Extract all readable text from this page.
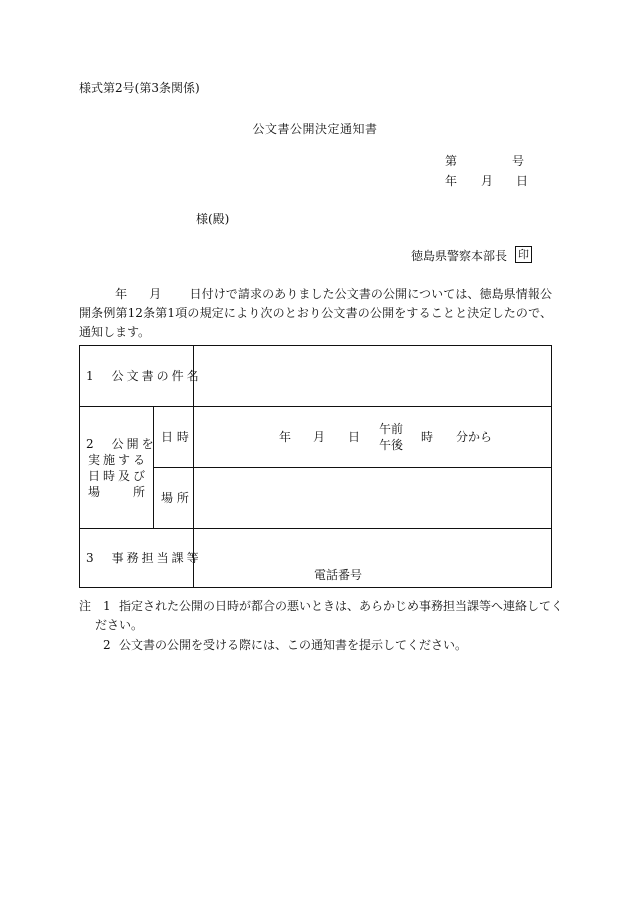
様式第2号(第3条関係)
公文書公開決定通知書
第	号
年 月 日
様(殿)
徳島県警察本部長 印
年 月 日付けで請求のありました公文書の公開については、徳島県情報公開条例第12条第1項の規定により次のとおり公文書の公開をすることと決定したので、通知します。
1　公文書の件名
2　公開を
実施する
日時及び
場　　所
日 時
場 所
年 月 日
午前
午後
時 分から
3　事務担当課等
電話番号
注 1 指定された公開の日時が都合の悪いときは、あらかじめ事務担当課等へ連絡してく
ださい。
2 公文書の公開を受ける際には、この通知書を提示してください。
